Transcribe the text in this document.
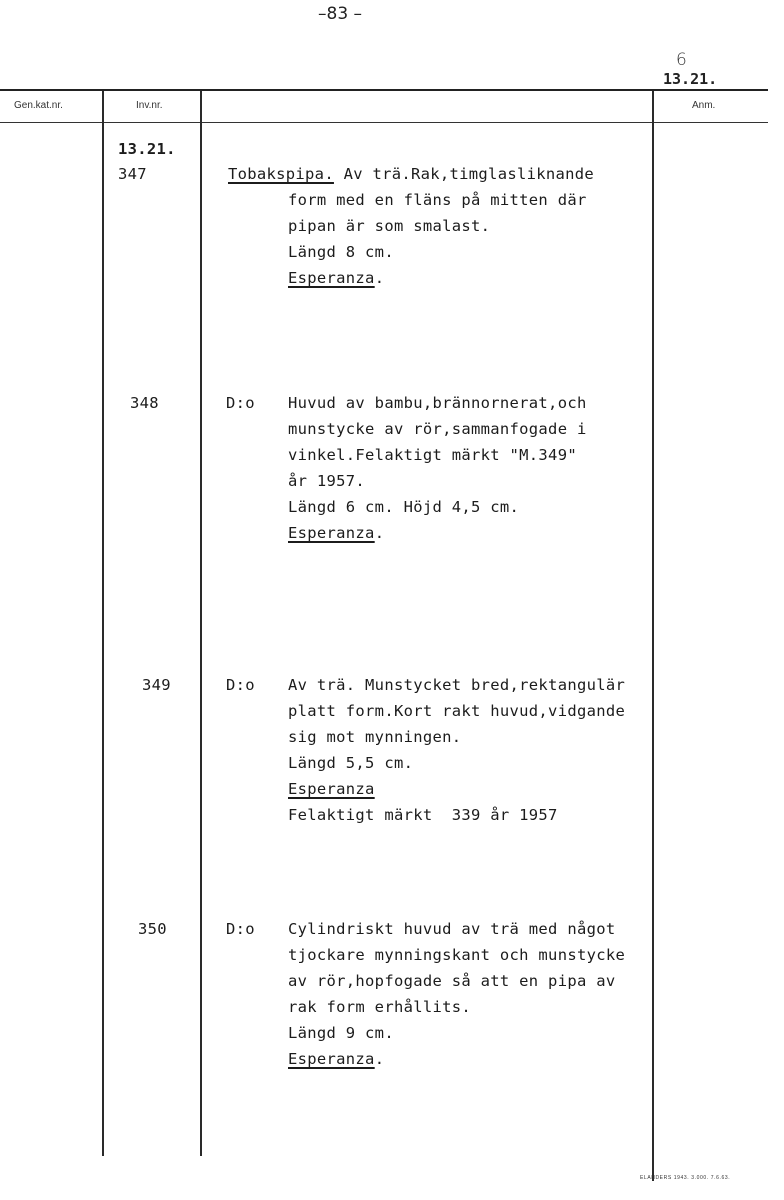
–83 –
6
13.21.
Gen.kat.nr.	Inv.nr.	Anm.
13.21.
347	Tobakspipa. Av trä.Rak,timglasliknande
form med en fläns på mitten där
pipan är som smalast.
Längd 8 cm.
Esperanza.
348	D:o Huvud av bambu,brännornerat,och
munstycke av rör,sammanfogade i
vinkel.Felaktigt märkt "M.349"
år 1957.
Längd 6 cm. Höjd 4,5 cm.
Esperanza.
349	D:o Av trä. Munstycket bred,rektangulär
platt form.Kort rakt huvud,vidgande
sig mot mynningen.
Längd 5,5 cm.
Esperanza
Felaktigt märkt  339 år 1957
350	D:o Cylindriskt huvud av trä med något
tjockare mynningskant och munstycke
av rör,hopfogade så att en pipa av
rak form erhållits.
Längd 9 cm.
Esperanza.
ELANDERS 1943. 3.000. 7.6.63.
